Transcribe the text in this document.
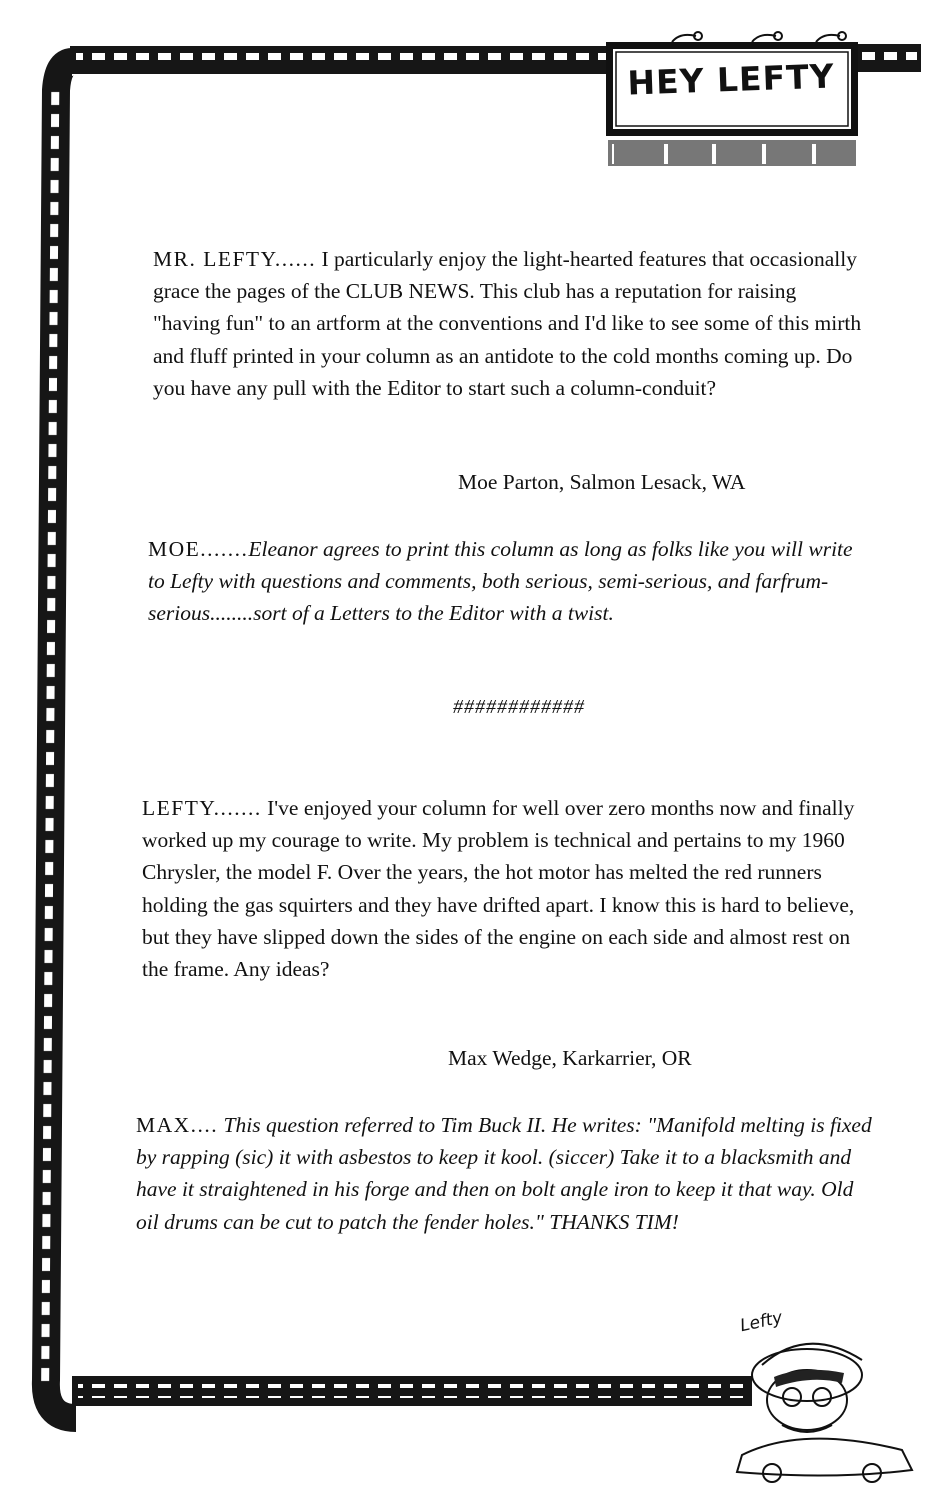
HEY LEFTY

MR. LEFTY...... I particularly enjoy the light-hearted features that occasionally grace the pages of the CLUB NEWS. This club has a reputation for raising "having fun" to an artform at the conventions and I'd like to see some of this mirth and fluff printed in your column as an antidote to the cold months coming up. Do you have any pull with the Editor to start such a column-conduit?

Moe Parton, Salmon Lesack, WA

MOE.......Eleanor agrees to print this column as long as folks like you will write to Lefty with questions and comments, both serious, semi-serious, and farfrum-serious........sort of a Letters to the Editor with a twist.

############

LEFTY....... I've enjoyed your column for well over zero months now and finally worked up my courage to write. My problem is technical and pertains to my 1960 Chrysler, the model F. Over the years, the hot motor has melted the red runners holding the gas squirters and they have drifted apart. I know this is hard to believe, but they have slipped down the sides of the engine on each side and almost rest on the frame. Any ideas?

Max Wedge, Karkarrier, OR

MAX.... This question referred to Tim Buck II. He writes: "Manifold melting is fixed by rapping (sic) it with asbestos to keep it kool. (siccer) Take it to a blacksmith and have it straightened in his forge and then on bolt angle iron to keep it that way. Old oil drums can be cut to patch the fender holes." THANKS TIM!

Lefty
